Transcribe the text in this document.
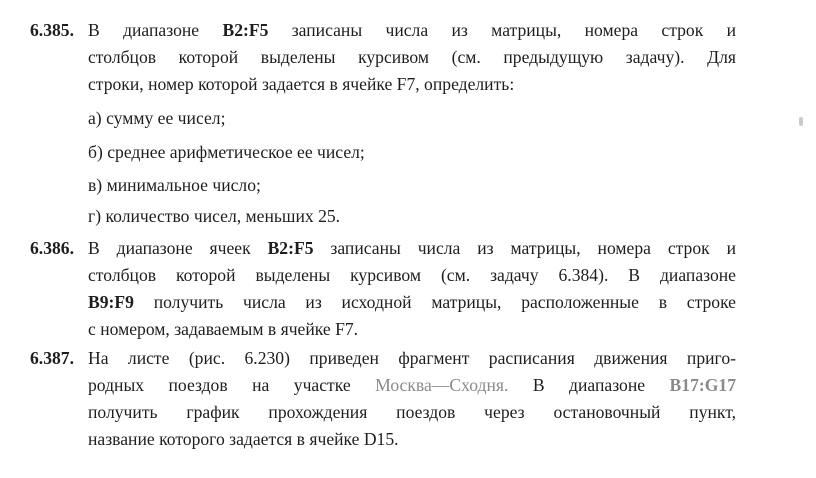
6.385. В диапазоне B2:F5 записаны числа из матрицы, номера строк и
столбцов которой выделены курсивом (см. предыдущую задачу). Для
строки, номер которой задается в ячейке F7, определить:
а) сумму ее чисел;
б) среднее арифметическое ее чисел;
в) минимальное число;
г) количество чисел, меньших 25.
6.386. В диапазоне ячеек B2:F5 записаны числа из матрицы, номера строк и
столбцов которой выделены курсивом (см. задачу 6.384). В диапазоне
B9:F9 получить числа из исходной матрицы, расположенные в строке
с номером, задаваемым в ячейке F7.
6.387. На листе (рис. 6.230) приведен фрагмент расписания движения приго-
родных поездов на участке Москва—Сходня. В диапазоне B17:G17
получить график прохождения поездов через остановочный пункт,
название которого задается в ячейке D15.
